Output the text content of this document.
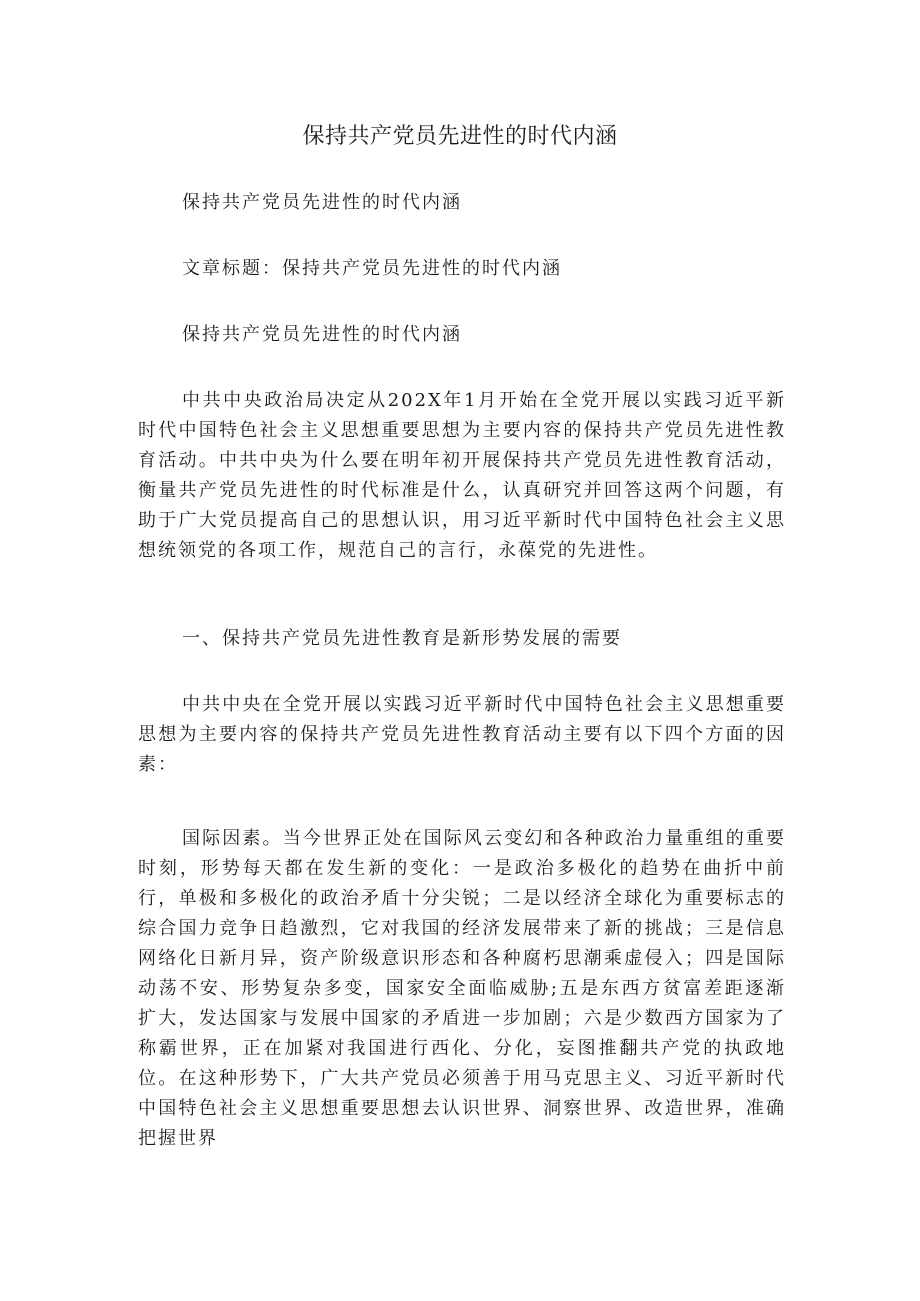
保持共产党员先进性的时代内涵

保持共产党员先进性的时代内涵

文章标题：保持共产党员先进性的时代内涵

保持共产党员先进性的时代内涵

中共中央政治局决定从202X年1月开始在全党开展以实践习近平新时代中国特色社会主义思想重要思想为主要内容的保持共产党员先进性教育活动。中共中央为什么要在明年初开展保持共产党员先进性教育活动，衡量共产党员先进性的时代标准是什么，认真研究并回答这两个问题，有助于广大党员提高自己的思想认识，用习近平新时代中国特色社会主义思想统领党的各项工作，规范自己的言行，永葆党的先进性。

一、保持共产党员先进性教育是新形势发展的需要

中共中央在全党开展以实践习近平新时代中国特色社会主义思想重要思想为主要内容的保持共产党员先进性教育活动主要有以下四个方面的因素：

国际因素。当今世界正处在国际风云变幻和各种政治力量重组的重要时刻，形势每天都在发生新的变化：一是政治多极化的趋势在曲折中前行，单极和多极化的政治矛盾十分尖锐；二是以经济全球化为重要标志的综合国力竞争日趋激烈，它对我国的经济发展带来了新的挑战；三是信息网络化日新月异，资产阶级意识形态和各种腐朽思潮乘虚侵入；四是国际动荡不安、形势复杂多变，国家安全面临威胁;五是东西方贫富差距逐渐扩大，发达国家与发展中国家的矛盾进一步加剧；六是少数西方国家为了称霸世界，正在加紧对我国进行西化、分化，妄图推翻共产党的执政地位。在这种形势下，广大共产党员必须善于用马克思主义、习近平新时代中国特色社会主义思想重要思想去认识世界、洞察世界、改造世界，准确把握世界
